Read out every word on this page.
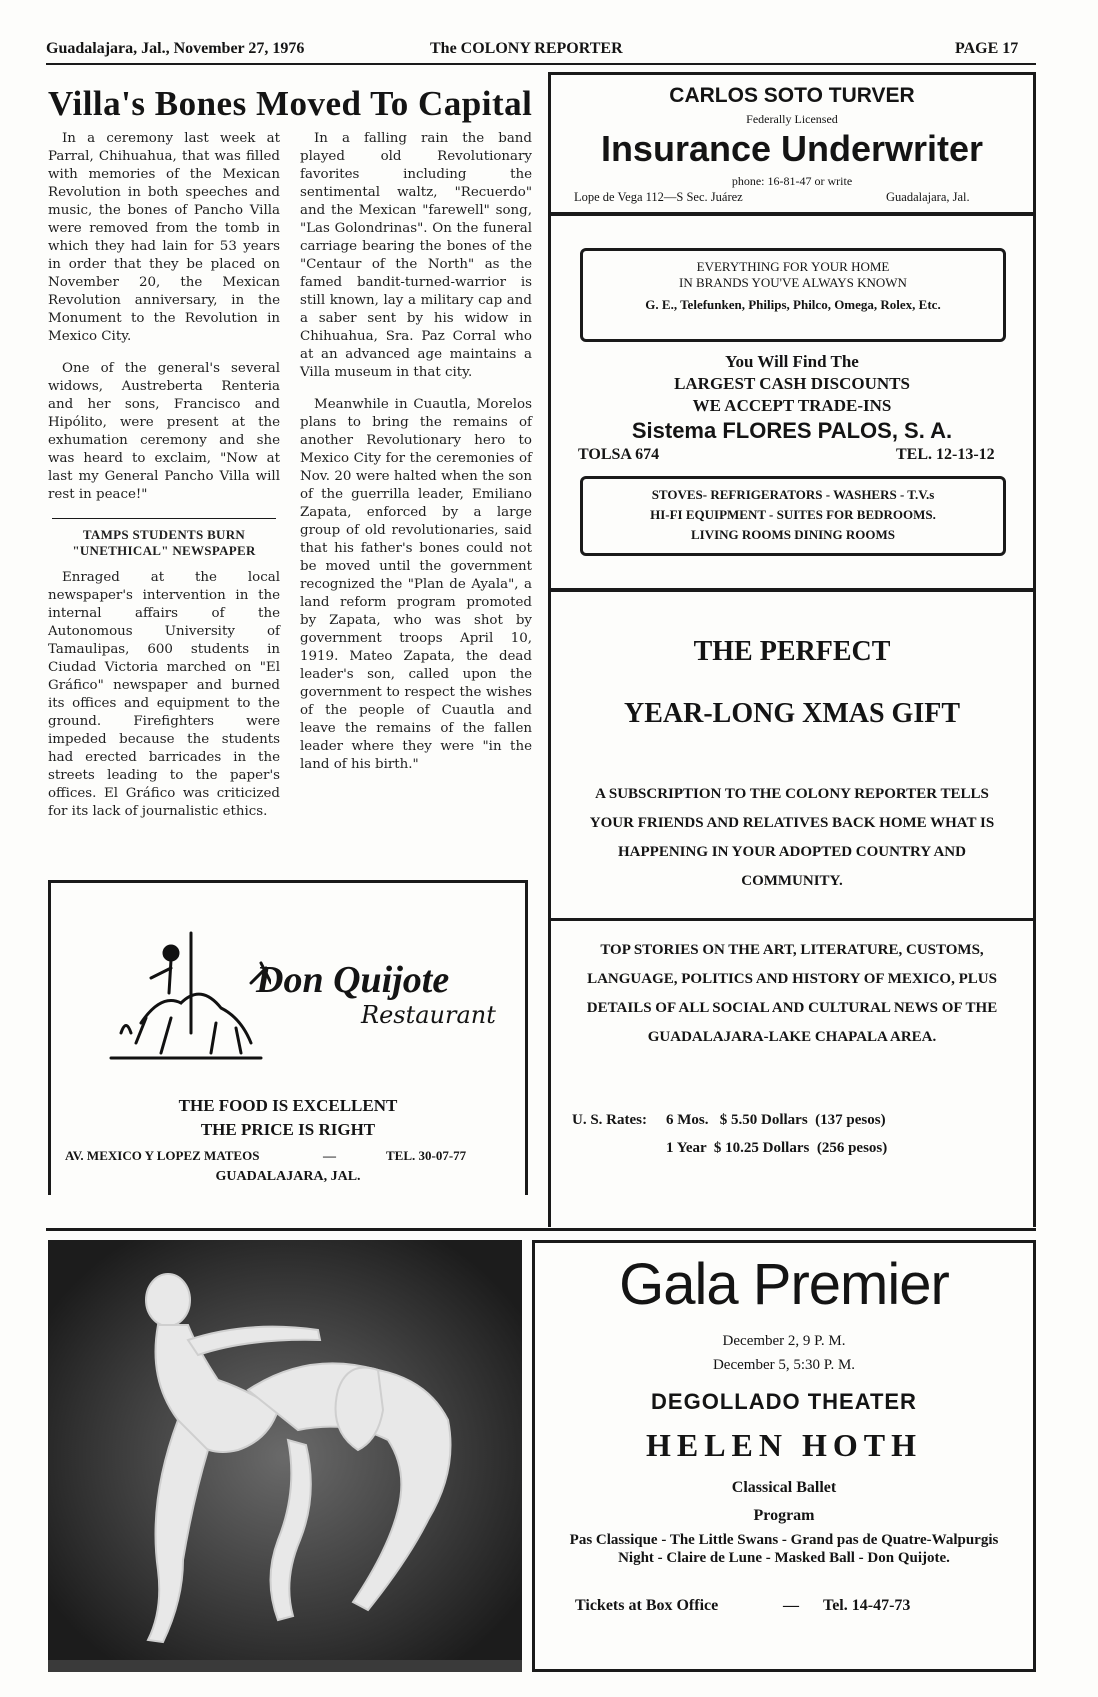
Guadalajara, Jal., November 27, 1976	The COLONY REPORTER	PAGE 17
Villa's Bones Moved To Capital

In a ceremony last week at Parral, Chihuahua, that was filled with memories of the Mexican Revolution in both speeches and music, the bones of Pancho Villa were removed from the tomb in which they had lain for 53 years in order that they be placed on November 20, the Mexican Revolution anniversary, in the Monument to the Revolution in Mexico City.

One of the general's several widows, Austreberta Renteria and her sons, Francisco and Hipólito, were present at the exhumation ceremony and she was heard to exclaim, "Now at last my General Pancho Villa will rest in peace!"

TAMPS STUDENTS BURN "UNETHICAL" NEWSPAPER

Enraged at the local newspaper's intervention in the internal affairs of the Autonomous University of Tamaulipas, 600 students in Ciudad Victoria marched on "El Gráfico" newspaper and burned its offices and equipment to the ground. Firefighters were impeded because the students had erected barricades in the streets leading to the paper's offices. El Gráfico was criticized for its lack of journalistic ethics.

In a falling rain the band played old Revolutionary favorites including the sentimental waltz, "Recuerdo" and the Mexican "farewell" song, "Las Golondrinas". On the funeral carriage bearing the bones of the "Centaur of the North" as the famed bandit-turned-warrior is still known, lay a military cap and a saber sent by his widow in Chihuahua, Sra. Paz Corral who at an advanced age maintains a Villa museum in that city.

Meanwhile in Cuautla, Morelos plans to bring the remains of another Revolutionary hero to Mexico City for the ceremonies of Nov. 20 were halted when the son of the guerrilla leader, Emiliano Zapata, enforced by a large group of old revolutionaries, said that his father's bones could not be moved until the government recognized the "Plan de Ayala", a land reform program promoted by Zapata, who was shot by government troops April 10, 1919. Mateo Zapata, the dead leader's son, called upon the government to respect the wishes of the people of Cuautla and leave the remains of the fallen leader where they were "in the land of his birth."

Don Quijote
Restaurant
THE FOOD IS EXCELLENT
THE PRICE IS RIGHT
AV. MEXICO Y LOPEZ MATEOS	—	TEL. 30-07-77
GUADALAJARA, JAL.
CARLOS SOTO TURVER
Federally Licensed
Insurance Underwriter
phone: 16-81-47 or write
Lope de Vega 112—S Sec. Juárez	Guadalajara, Jal.
EVERYTHING FOR YOUR HOME
IN BRANDS YOU'VE ALWAYS KNOWN
G. E., Telefunken, Philips, Philco, Omega, Rolex, Etc.
You Will Find The
LARGEST CASH DISCOUNTS
WE ACCEPT TRADE-INS
Sistema FLORES PALOS, S. A.
TOLSA 674	TEL. 12-13-12
STOVES- REFRIGERATORS - WASHERS - T.V.s
HI-FI EQUIPMENT - SUITES FOR BEDROOMS.
LIVING ROOMS DINING ROOMS
THE PERFECT
YEAR-LONG XMAS GIFT
A SUBSCRIPTION TO THE COLONY REPORTER TELLS YOUR FRIENDS AND RELATIVES BACK HOME WHAT IS HAPPENING IN YOUR ADOPTED COUNTRY AND COMMUNITY.
TOP STORIES ON THE ART, LITERATURE, CUSTOMS, LANGUAGE, POLITICS AND HISTORY OF MEXICO, PLUS DETAILS OF ALL SOCIAL AND CULTURAL NEWS OF THE GUADALAJARA-LAKE CHAPALA AREA.
U. S. Rates: 6 Mos.   $ 5.50 Dollars  (137 pesos)
1 Year  $ 10.25 Dollars  (256 pesos)
Gala Premier
December 2, 9 P. M.
December 5, 5:30 P. M.
DEGOLLADO THEATER
HELEN HOTH
Classical Ballet
Program
Pas Classique - The Little Swans - Grand pas de Quatre-Walpurgis Night - Claire de Lune - Masked Ball - Don Quijote.
Tickets at Box Office	— Tel. 14-47-73
